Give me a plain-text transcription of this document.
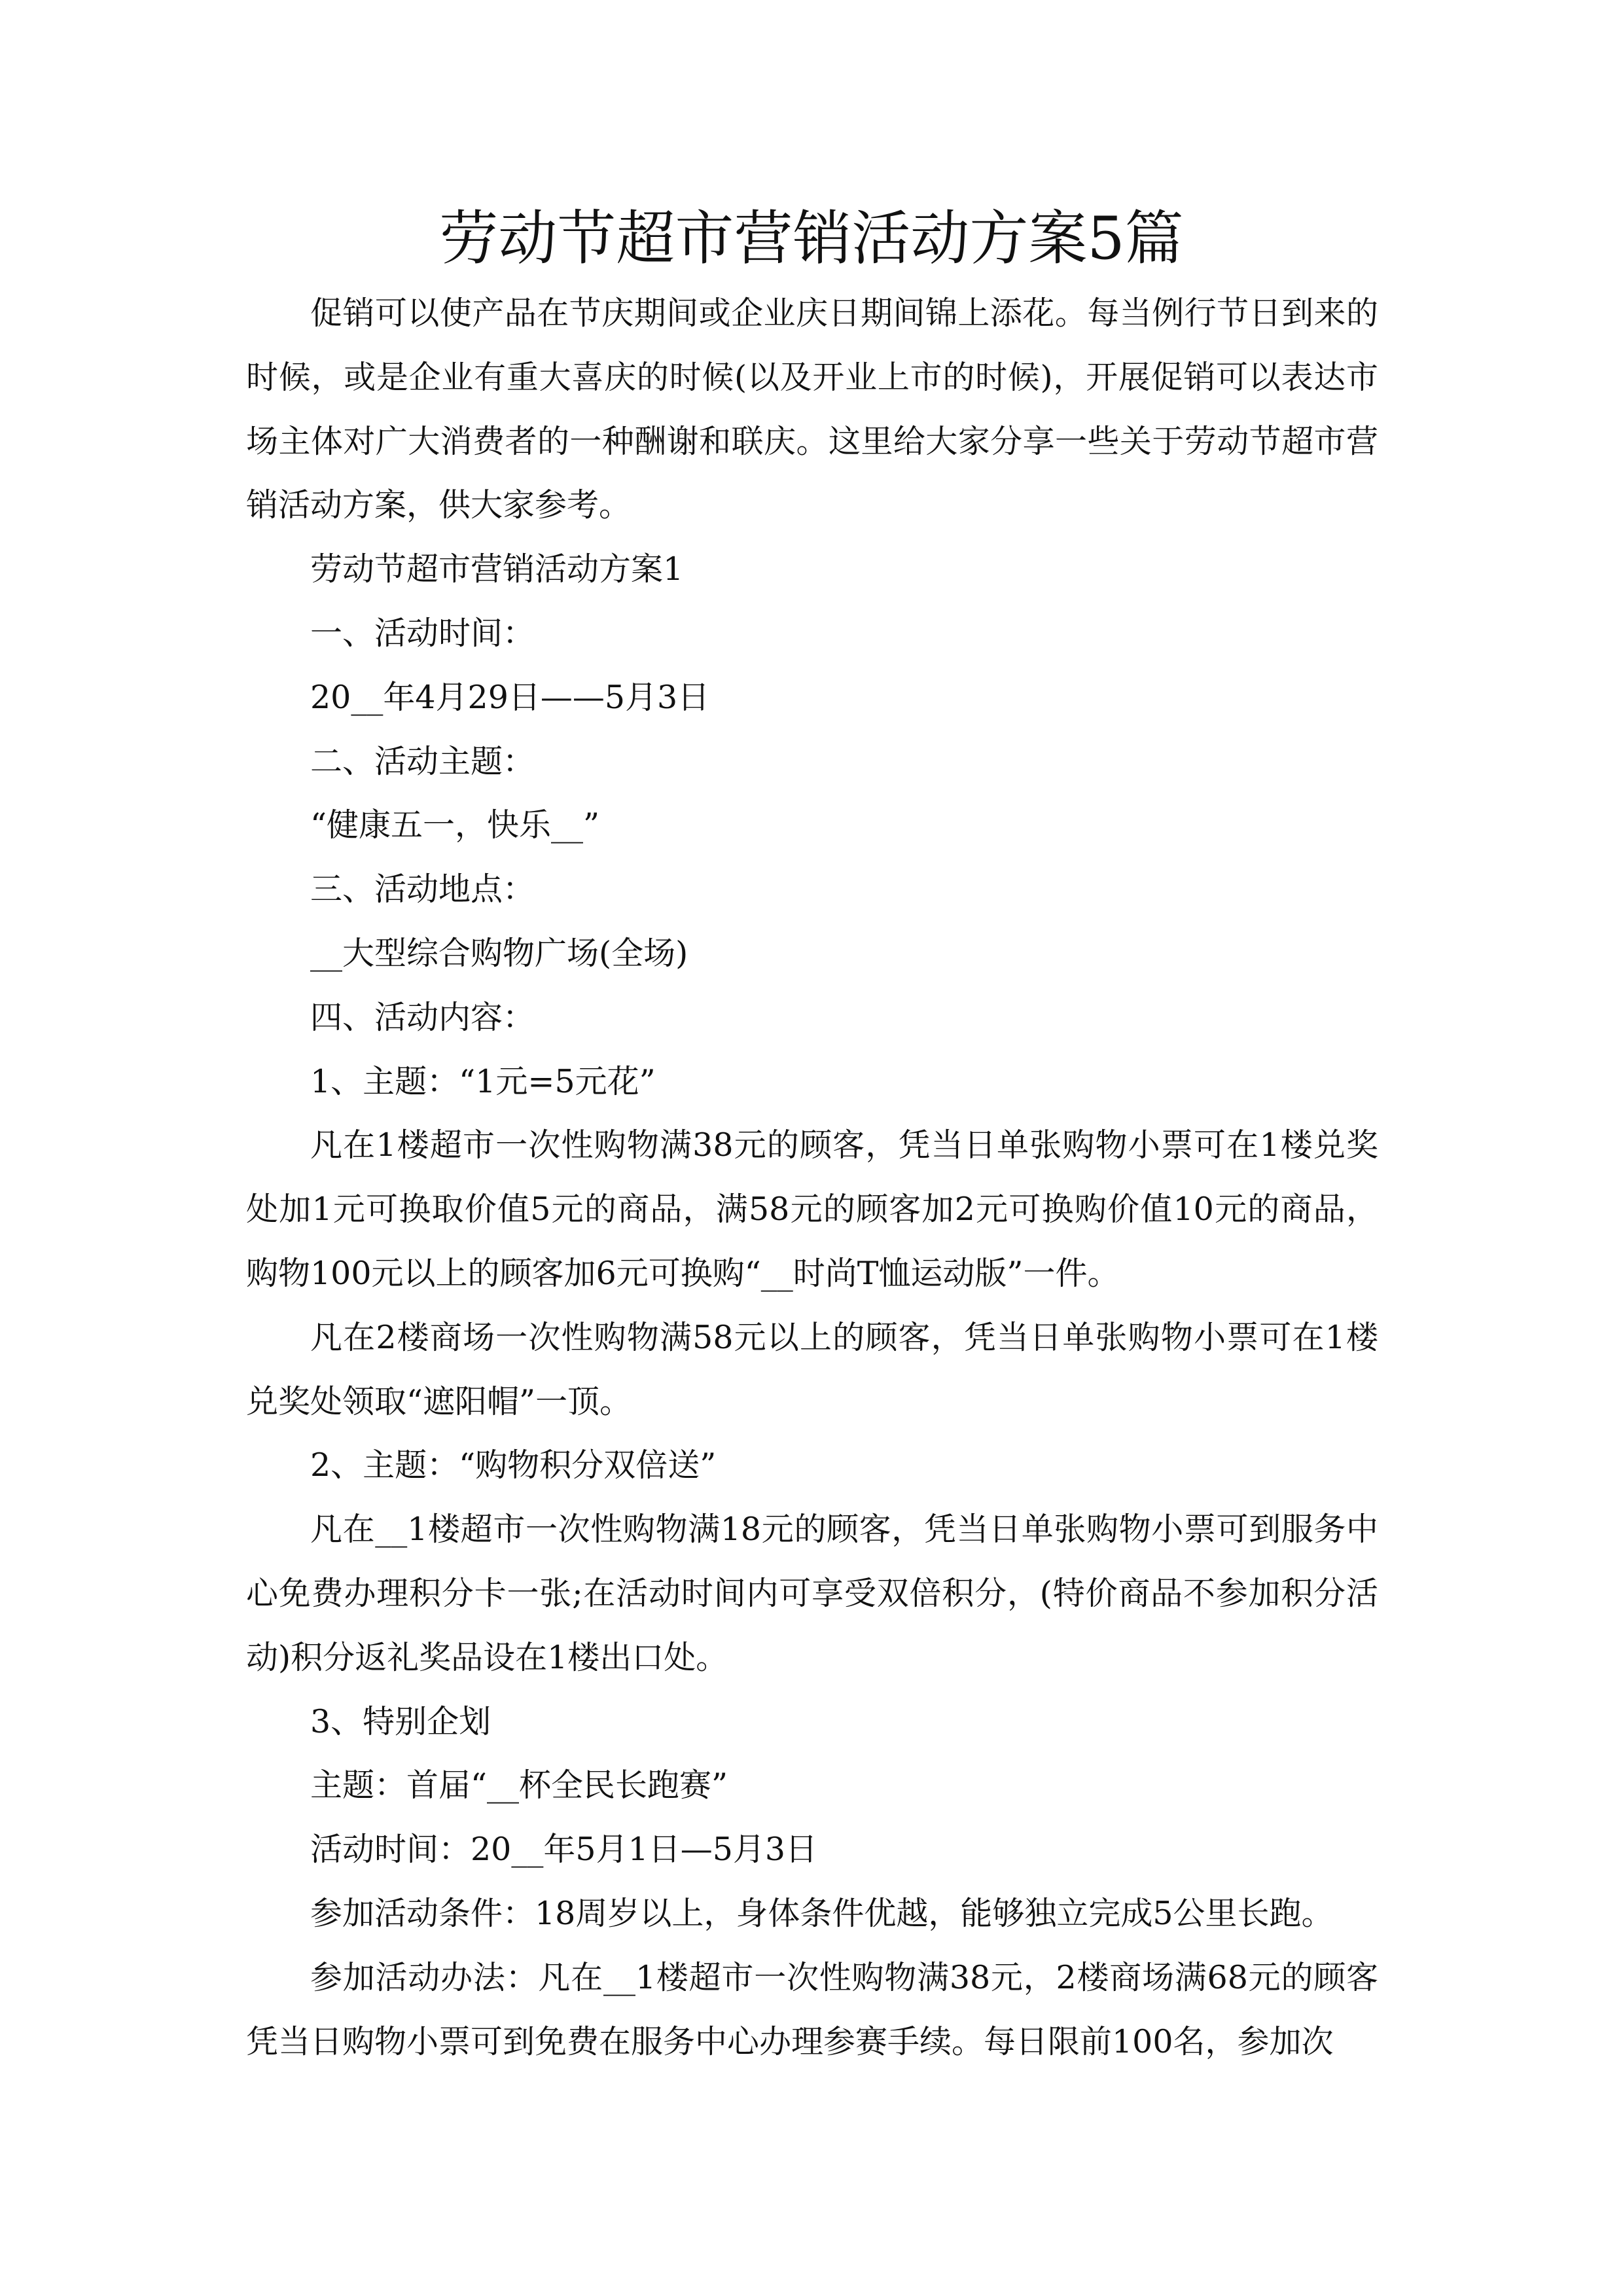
劳动节超市营销活动方案5篇

促销可以使产品在节庆期间或企业庆日期间锦上添花。每当例行节日到来的时候，或是企业有重大喜庆的时候(以及开业上市的时候)，开展促销可以表达市场主体对广大消费者的一种酬谢和联庆。这里给大家分享一些关于劳动节超市营销活动方案，供大家参考。

劳动节超市营销活动方案1

一、活动时间：

20__年4月29日——5月3日

二、活动主题：

“健康五一，快乐__”

三、活动地点：

__大型综合购物广场(全场)

四、活动内容：

1、主题：“1元=5元花”

凡在1楼超市一次性购物满38元的顾客，凭当日单张购物小票可在1楼兑奖处加1元可换取价值5元的商品，满58元的顾客加2元可换购价值10元的商品，购物100元以上的顾客加6元可换购“__时尚T恤运动版”一件。

凡在2楼商场一次性购物满58元以上的顾客，凭当日单张购物小票可在1楼兑奖处领取“遮阳帽”一顶。

2、主题：“购物积分双倍送”

凡在__1楼超市一次性购物满18元的顾客，凭当日单张购物小票可到服务中心免费办理积分卡一张;在活动时间内可享受双倍积分，(特价商品不参加积分活动)积分返礼奖品设在1楼出口处。

3、特别企划

主题：首届“__杯全民长跑赛”

活动时间：20__年5月1日—5月3日

参加活动条件：18周岁以上，身体条件优越，能够独立完成5公里长跑。

参加活动办法：凡在__1楼超市一次性购物满38元，2楼商场满68元的顾客凭当日购物小票可到免费在服务中心办理参赛手续。每日限前100名，参加次
